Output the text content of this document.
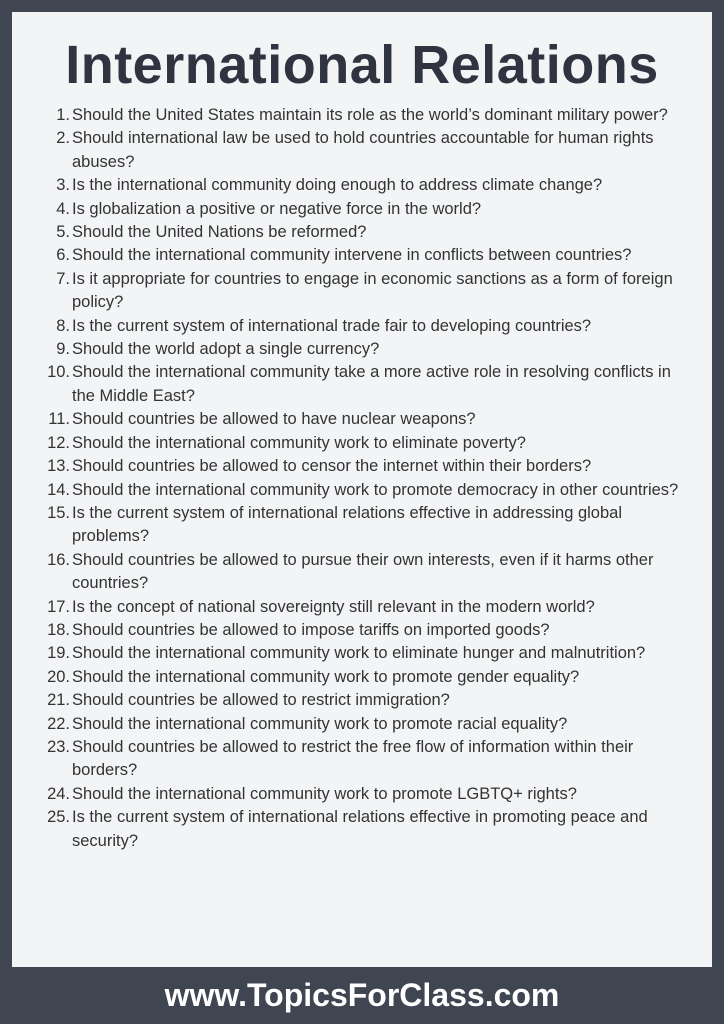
International Relations
1. Should the United States maintain its role as the world’s dominant military power?
2. Should international law be used to hold countries accountable for human rights abuses?
3. Is the international community doing enough to address climate change?
4. Is globalization a positive or negative force in the world?
5. Should the United Nations be reformed?
6. Should the international community intervene in conflicts between countries?
7. Is it appropriate for countries to engage in economic sanctions as a form of foreign policy?
8. Is the current system of international trade fair to developing countries?
9. Should the world adopt a single currency?
10. Should the international community take a more active role in resolving conflicts in the Middle East?
11. Should countries be allowed to have nuclear weapons?
12. Should the international community work to eliminate poverty?
13. Should countries be allowed to censor the internet within their borders?
14. Should the international community work to promote democracy in other countries?
15. Is the current system of international relations effective in addressing global problems?
16. Should countries be allowed to pursue their own interests, even if it harms other countries?
17. Is the concept of national sovereignty still relevant in the modern world?
18. Should countries be allowed to impose tariffs on imported goods?
19. Should the international community work to eliminate hunger and malnutrition?
20. Should the international community work to promote gender equality?
21. Should countries be allowed to restrict immigration?
22. Should the international community work to promote racial equality?
23. Should countries be allowed to restrict the free flow of information within their borders?
24. Should the international community work to promote LGBTQ+ rights?
25. Is the current system of international relations effective in promoting peace and security?
www.TopicsForClass.com
